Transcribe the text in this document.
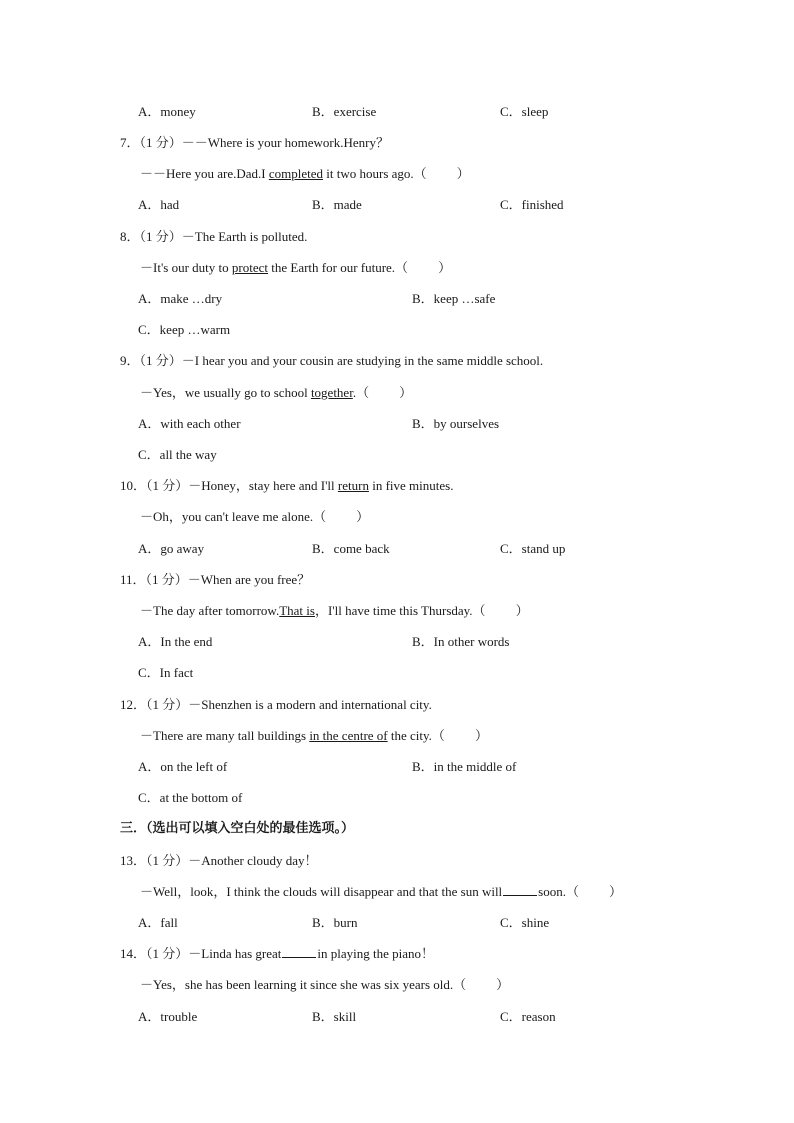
A．money	B．exercise	C．sleep
7．（1 分）－－Where is your homework.Henry？
－－Here you are.Dad.I completed it two hours ago.（ ）
A．had	B．made	C．finished
8．（1 分）－The Earth is polluted.
－It's our duty to protect the Earth for our future.（ ）
A．make …dry	B．keep …safe
C．keep …warm
9．（1 分）－I hear you and your cousin are studying in the same middle school.
－Yes，we usually go to school together.（ ）
A．with each other	B．by ourselves
C．all the way
10．（1 分）－Honey，stay here and I'll return in five minutes.
－Oh，you can't leave me alone.（ ）
A．go away	B．come back	C．stand up
11．（1 分）－When are you free？
－The day after tomorrow.That is，I'll have time this Thursday.（ ）
A．In the end	B．In other words
C．In fact
12．（1 分）－Shenzhen is a modern and international city.
－There are many tall buildings in the centre of the city.（ ）
A．on the left of	B．in the middle of
C．at the bottom of
三．（选出可以填入空白处的最佳选项。）
13．（1 分）－Another cloudy day！
－Well，look，I think the clouds will disappear and that the sun will	soon.（ ）
A．fall	B．burn	C．shine
14．（1 分）－Linda has great	in playing the piano！
－Yes，she has been learning it since she was six years old.（ ）
A．trouble	B．skill	C．reason
